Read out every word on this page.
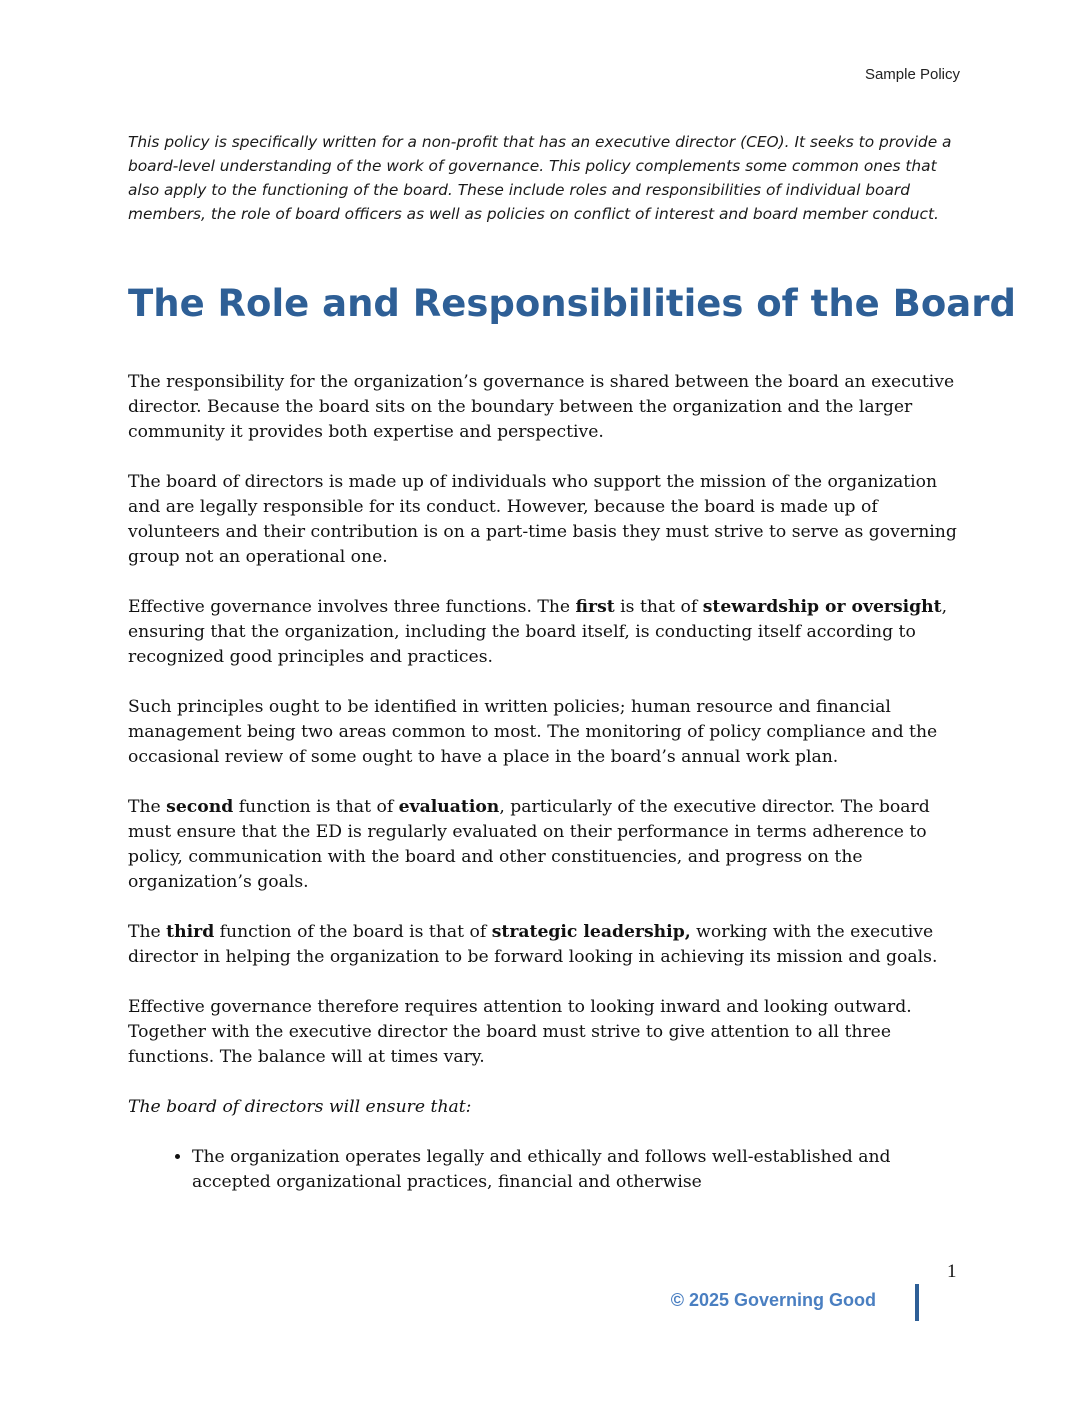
Sample Policy
This policy is specifically written for a non-profit that has an executive director (CEO). It seeks to provide a board-level understanding of the work of governance. This policy complements some common ones that also apply to the functioning of the board. These include roles and responsibilities of individual board members, the role of board officers as well as policies on conflict of interest and board member conduct.
The Role and Responsibilities of the Board

The responsibility for the organization’s governance is shared between the board an executive director. Because the board sits on the boundary between the organization and the larger community it provides both expertise and perspective.

The board of directors is made up of individuals who support the mission of the organization and are legally responsible for its conduct. However, because the board is made up of volunteers and their contribution is on a part-time basis they must strive to serve as governing group not an operational one.

Effective governance involves three functions. The first is that of stewardship or oversight, ensuring that the organization, including the board itself, is conducting itself according to recognized good principles and practices.

Such principles ought to be identified in written policies; human resource and financial management being two areas common to most. The monitoring of policy compliance and the occasional review of some ought to have a place in the board’s annual work plan.

The second function is that of evaluation, particularly of the executive director. The board must ensure that the ED is regularly evaluated on their performance in terms adherence to policy, communication with the board and other constituencies, and progress on the organization’s goals.

The third function of the board is that of strategic leadership, working with the executive director in helping the organization to be forward looking in achieving its mission and goals.

Effective governance therefore requires attention to looking inward and looking outward. Together with the executive director the board must strive to give attention to all three functions. The balance will at times vary.

The board of directors will ensure that:

• The organization operates legally and ethically and follows well-established and accepted organizational practices, financial and otherwise
1
© 2025 Governing Good
